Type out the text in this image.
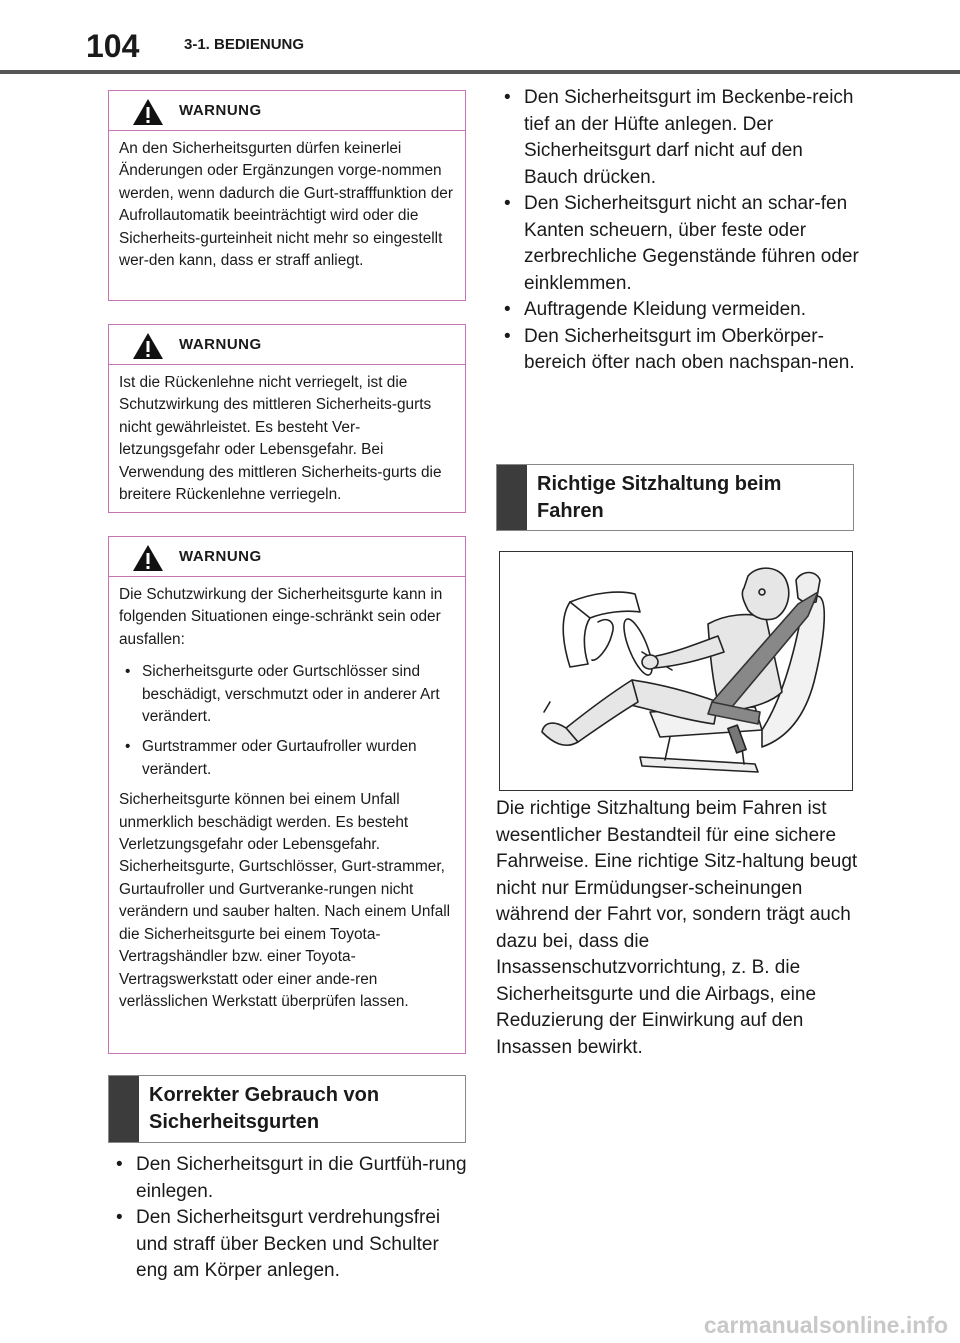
104	3-1. BEDIENUNG
WARNUNG

An den Sicherheitsgurten dürfen keinerlei Änderungen oder Ergänzungen vorge-nommen werden, wenn dadurch die Gurt-strafffunktion der Aufrollautomatik beeinträchtigt wird oder die Sicherheits-gurteinheit nicht mehr so eingestellt wer-den kann, dass er straff anliegt.

WARNUNG

Ist die Rückenlehne nicht verriegelt, ist die Schutzwirkung des mittleren Sicherheits-gurts nicht gewährleistet. Es besteht Ver-letzungsgefahr oder Lebensgefahr. Bei Verwendung des mittleren Sicherheits-gurts die breitere Rückenlehne verriegeln.

WARNUNG

Die Schutzwirkung der Sicherheitsgurte kann in folgenden Situationen einge-schränkt sein oder ausfallen:

• Sicherheitsgurte oder Gurtschlösser sind beschädigt, verschmutzt oder in anderer Art verändert.
• Gurtstrammer oder Gurtaufroller wurden verändert.

Sicherheitsgurte können bei einem Unfall unmerklich beschädigt werden. Es besteht Verletzungsgefahr oder Lebensgefahr. Sicherheitsgurte, Gurtschlösser, Gurt-strammer, Gurtaufroller und Gurtveranke-rungen nicht verändern und sauber halten. Nach einem Unfall die Sicherheitsgurte bei einem Toyota-Vertragshändler bzw. einer Toyota-Vertragswerkstatt oder einer ande-ren verlässlichen Werkstatt überprüfen lassen.

Korrekter Gebrauch von Sicherheitsgurten
• Den Sicherheitsgurt in die Gurtfüh-rung einlegen.
• Den Sicherheitsgurt verdrehungsfrei und straff über Becken und Schulter eng am Körper anlegen.
• Den Sicherheitsgurt im Beckenbe-reich tief an der Hüfte anlegen. Der Sicherheitsgurt darf nicht auf den Bauch drücken.
• Den Sicherheitsgurt nicht an schar-fen Kanten scheuern, über feste oder zerbrechliche Gegenstände führen oder einklemmen.
• Auftragende Kleidung vermeiden.
• Den Sicherheitsgurt im Oberkörper-bereich öfter nach oben nachspan-nen.
Richtige Sitzhaltung beim Fahren
Die richtige Sitzhaltung beim Fahren ist wesentlicher Bestandteil für eine sichere Fahrweise. Eine richtige Sitz-haltung beugt nicht nur Ermüdungser-scheinungen während der Fahrt vor, sondern trägt auch dazu bei, dass die Insassenschutzvorrichtung, z. B. die Sicherheitsgurte und die Airbags, eine Reduzierung der Einwirkung auf den Insassen bewirkt.
carmanualsonline.info
